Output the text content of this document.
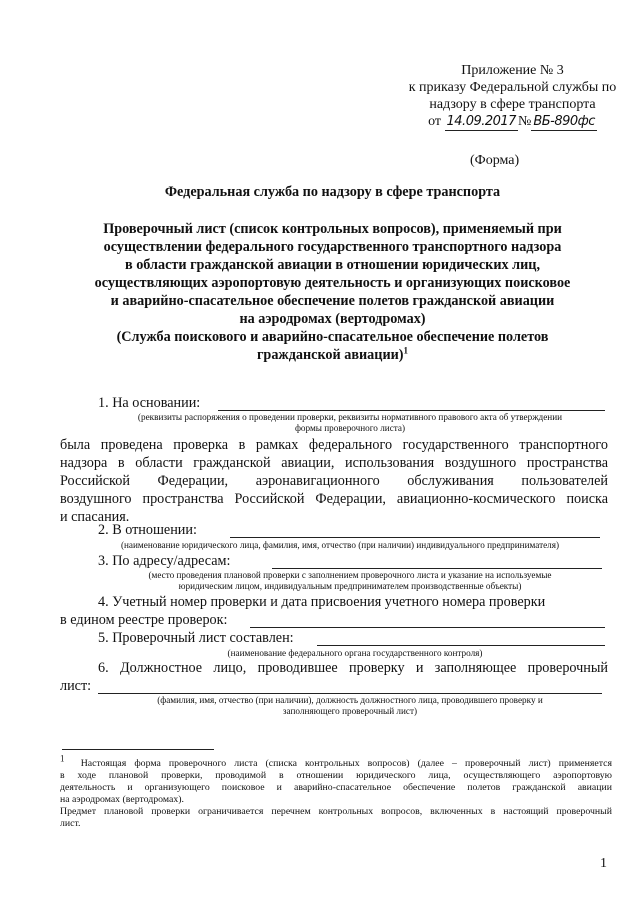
Приложение № 3
к приказу Федеральной службы по
надзору в сфере транспорта
от 14.09.2017 № ВБ-890фс
(Форма)
Федеральная служба по надзору в сфере транспорта
Проверочный лист (список контрольных вопросов), применяемый при
осуществлении федерального государственного транспортного надзора
в области гражданской авиации в отношении юридических лиц,
осуществляющих аэропортовую деятельность и организующих поисковое
и аварийно-спасательное обеспечение полетов гражданской авиации
на аэродромах (вертодромах)
(Служба поискового и аварийно-спасательное обеспечение полетов
гражданской авиации)$^1$
1. На основании:
(реквизиты распоряжения о проведении проверки, реквизиты нормативного правового акта об утверждении
формы проверочного листа)
была проведена проверка в рамках федерального государственного транспортного
надзора в области гражданской авиации, использования воздушного пространства
Российской Федерации, аэронавигационного обслуживания пользователей
воздушного пространства Российской Федерации, авиационно-космического поиска
и спасания.
2. В отношении:
(наименование юридического лица, фамилия, имя, отчество (при наличии) индивидуального предпринимателя)
3. По адресу/адресам:
(место проведения плановой проверки с заполнением проверочного листа и указание на используемые
юридическим лицом, индивидуальным предпринимателем производственные объекты)
4. Учетный номер проверки и дата присвоения учетного номера проверки
в едином реестре проверок:
5. Проверочный лист составлен:
(наименование федерального органа государственного контроля)
6. Должностное лицо, проводившее проверку и заполняющее проверочный
лист:
(фамилия, имя, отчество (при наличии), должность должностного лица, проводившего проверку и
заполняющего проверочный лист)
1 Настоящая форма проверочного листа (списка контрольных вопросов) (далее – проверочный лист) применяется
в ходе плановой проверки, проводимой в отношении юридического лица, осуществляющего аэропортовую
деятельность и организующего поисковое и аварийно-спасательное обеспечение полетов гражданской авиации
на аэродромах (вертодромах).
Предмет плановой проверки ограничивается перечнем контрольных вопросов, включенных в настоящий проверочный
лист.
1
